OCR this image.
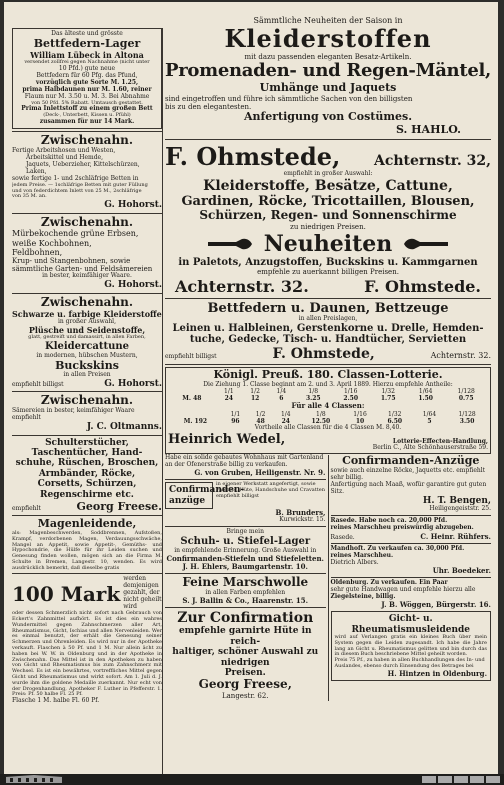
Das älteste und grösste

Bettfedern-Lager

William Lübeck in Altona

versendet zollfrei gegen Nachnahme (nicht unter

10 Pfd.) gute neue

Bettfedern für 60 Pfg. das Pfund,

vorzüglich gute Sorte M. 1.25,

prima Halbdaunen nur M. 1.60, reiner

Flaum nur M. 3.50 u. M. 3. Bei Abnahme

von 50 Pfd. 5% Rabatt. Umtausch gestattet.

Prima Inlettstoff zu einem großen Bett

(Deck-, Unterbett, Kissen u. Pfühl)

zusammen für nur 14 Mark.

Zwischenahn.

Fertige Arbeitshosen und Westen,

Arbeitskittel und Hemde,

Jaquets, Ueberzieher, Kittelschürzen,

Laken,

sowie fertige 1- und 2schläfrige Betten in

jedem Preise. — 1schläfrige Betten mit guter Füllung

und von federdichtem Inlett von 25 M., 2schläfrige

von 35 M. an.

G. Hohorst.

Zwischenahn.

Mürbekochende grüne Erbsen,

weiße Kochbohnen,

Feldbohnen,

Krup- und Stangenbohnen, sowie

sämmtliche Garten- und Feldsämereien

in bester, keimfähiger Waare.

G. Hohorst.

Zwischenahn.

Schwarze u. farbige Kleiderstoffe

in großer Auswahl,

Plüsche und Seidenstoffe,

glatt, gestreift und damassirt, in allen Farben,

Kleidercattune

in modernen, hübschen Mustern,

Buckskins

in allen Preisen

empfiehlt billigst	G. Hohorst.

Zwischenahn.

Sämereien in bester, keimfähiger Waare empfiehlt

J. C. Oltmanns.

Schulterstücher,

Taschentücher, Hand-

schuhe, Rüschen, Broschen,

Armbänder, Röcke,

Corsetts, Schürzen,

Regenschirme etc.

empfiehlt	Georg Freese.

Magenleidende,

als: Magenbeschwerden, Soddbrennen, Aufstoßen, Krampf, verdorbenen Magen, Verdauungsschwäche, Mangel an Appetit, sowie Appetit-, Gemüths- und Hypochondrie, die Hülfe für ihr Leiden suchen und Genesung finden wollen, mögen sich an die Firma M. Schulte in Bremen, Langestr. 10, wenden. Es wird ausdrücklich bemerkt, daß dieselbe gratis

100 Mark

werden demjenigen gezahlt, der

nicht geheilt wird

oder dessen Schmerzlich nicht sofort nach Gebrauch von Eckert's Zahnmittel aufhört. Es ist dies ein wahres Wundermittel gegen Zahnschmerzen aller Art, Rheumatismus, Gicht, Ischias und allen Nervenleiden. Wer es einmal benutzt, der erhält die Genesung seiner Schmerzen und Ohrenleiden. Es wird nur in der Apotheke verkauft. Flaschen à 50 Pf. und 1 M. Nur allein ächt zu haben bei W. W. in Oldenburg und in der Apotheke in Zwischenahn. Das Mittel ist in den Apotheken zu haben von Gicht und Rheumatismus bis zum Zahnschmerz mit Wechsel. Es ist ein bewährtes, vortreffliches Mittel gegen Gicht und Rheumatismus und wirkt sofort. Am 1. Juli d. J. wurde ihm die goldene Medaille zuerkannt. Nur echt von der Drogenhandlung, Apotheker F. Luther in Pfefferstr. 1. Preis: Pf. 50 halbe Fl. 25 Pf.

Flasche 1 M. halbe Fl. 60 Pf.

Sämmtliche Neuheiten der Saison in

Kleiderstoffen

mit dazu passenden eleganten Besatz-Artikeln.

Promenaden- und Regen-Mäntel,

Umhänge und Jaquets

sind eingetroffen und führe ich sämmtliche Sachen von den billigsten

bis zu den elegantesten.

Anfertigung von Costümes.

S. HAHLO.

F. Ohmstede, Achternstr. 32,

empfiehlt in großer Auswahl:

Kleiderstoffe, Besätze, Cattune,

Gardinen, Röcke, Tricottaillen, Blousen,

Schürzen, Regen- und Sonnenschirme

zu niedrigen Preisen.

Neuheiten

in Paletots, Anzugstoffen, Buckskins u. Kammgarnen

empfehle zu auerkannt billigen Preisen.

Achternstr. 32.	F. Ohmstede.

Bettfedern u. Daunen, Bettzeuge

in allen Preislagen,

Leinen u. Halbleinen, Gerstenkorne u. Drelle, Hemden-

tuche, Gedecke, Tisch- u. Handtücher, Servietten

empfiehlt billigst	F. Ohmstede,	Achternstr. 32.

Königl. Preuß. 180. Classen-Lotterie.

Die Ziehung 1. Classe beginnt am 2. und 3. April 1889. Hierzu empfehle Antheile:

	1/1	1/2	1/4	1/8	1/16	1/32	1/64	1/128
M. 48	24	12	6	3.25	2.50	1.75	1.50	0.75

Für alle 4 Classen:

	1/1	1/2	1/4	1/8	1/16	1/32	1/64	1/128
M. 192	96	48	24	12.50	10	6.50	5	3.50

Vortheile alle Classen für die 4 Classen M. 8,40.

Heinrich Wedel,	Lotterie-Effecten-Handlung,

Berlin C., Alte Schönhauserstraße 59.

Habe ein solide gebautes Wohnhaus mit Gartenland an der Ofenerstraße billig zu verkaufen.

G. von Gruben, Heiligenstr. Nr. 9.

Confirmanden-anzüge

in eigener Werkstatt angefertigt, sowie Paletots, Hüte, Handschuhe und Cravatten empfiehlt billigst

B. Brunders,

Kurwickstr. 15.

Bringe mein

Schuh- u. Stiefel-Lager

in empfehlende Erinnerung. Große Auswahl in

Confirmanden-Stiefeln und Stiefeletten.

J. H. Ehlers, Baumgartenstr. 10.

Feine Marschwolle

in allen Farben empfehlen

S. J. Ballin & Co., Haarenstr. 15.

Zur Confirmation

empfehle garnirte Hüte in reich-

haltiger, schöner Auswahl zu niedrigen

Preisen.

Georg Freese,

Langestr. 62.

Confirmanden-Anzüge

sowie auch einzelne Röcke, Jaquetts etc. empfiehlt sehr billig.

Anfertigung nach Maaß, wofür garantire gut guten Sitz.

H. T. Bengen,

Heiligengeiststr. 25.

Rasede. Habe noch ca. 20,000 Pfd.

reines Marschheu preiswürdig abzugeben.

Rasede.	C. Heinr. Rühfers.

Mandhoft. Zu verkaufen ca. 30,000 Pfd.

reines Marschheu.

Dietrich Albers.

Uhr. Boedeker.

Oldenburg. Zu verkaufen. Ein Paar

sehr gute Handwagen und empfehle hierzu alle

Ziegelsteine, billig.

J. B. Wöggen, Bürgerstr. 16.

Gicht- u. Rheumatismusleidende

wird auf Verlangen gratis ein kleines Buch über mein System gegen die Leiden zugesandt. Ich habe die Jahre lang an Gicht u. Rheumatismus gelitten und bin durch das in diesem Buch beschriebene Mittel geheilt worden.

Preis 75 Pf., zu haben in allen Buchhandlungen des In- und Auslandes, ebenso durch Einsendung des Betrages bei

H. Hintzen in Oldenburg.
